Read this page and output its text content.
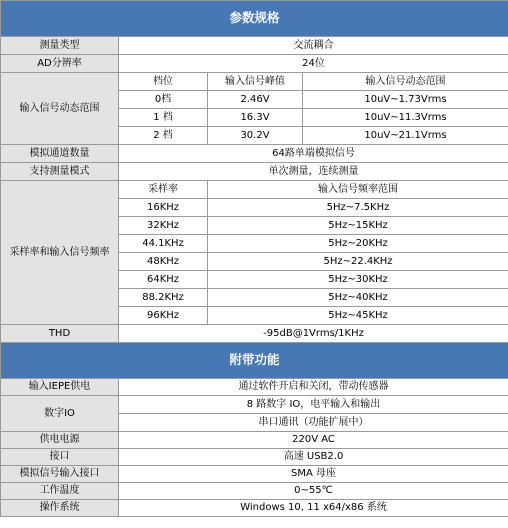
参数规格			
测量类型	交流耦合		
AD分辨率	24位		
输入信号动态范围	档位	输入信号峰值	输入信号动态范围
	0档	2.46V	10uV~1.73Vrms
	1 档	16.3V	10uV~11.3Vrms
	2 档	30.2V	10uV~21.1Vrms
模拟通道数量	64路单端模拟信号		
支持测量模式	单次测量，连续测量		
采样率和输入信号频率	采样率	输入信号频率范围	
	16KHz	5Hz~7.5KHz	
	32KHz	5Hz~15KHz	
	44.1KHz	5Hz~20KHz	
	48KHz	5Hz~22.4KHz	
	64KHz	5Hz~30KHz	
	88.2KHz	5Hz~40KHz	
	96KHz	5Hz~45KHz	
THD	-95dB@1Vrms/1KHz		
附带功能			
输入IEPE供电	通过软件开启和关闭，带动传感器		
数字IO	8 路数字 IO，电平输入和输出		
	串口通讯（功能扩展中）		
供电电源	220V AC		
接口	高速 USB2.0		
模拟信号输入接口	SMA 母座		
工作温度	0~55℃		
操作系统	Windows 10, 11 x64/x86 系统		
